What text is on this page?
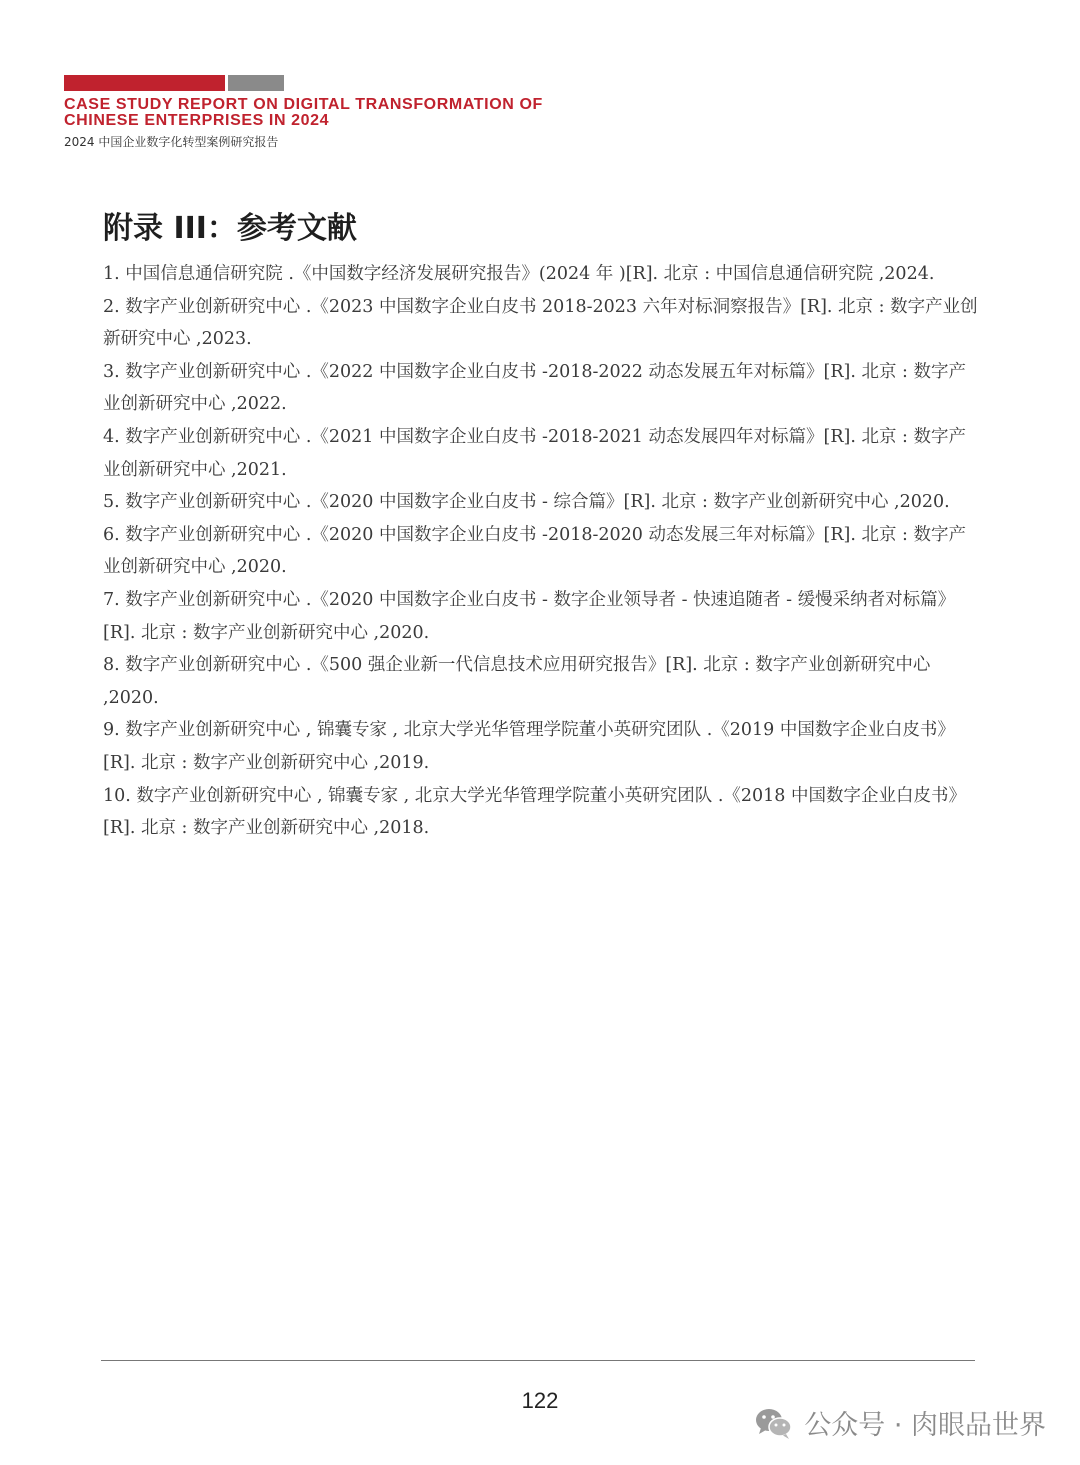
CASE STUDY REPORT ON DIGITAL TRANSFORMATION OF
CHINESE ENTERPRISES IN 2024
2024 中国企业数字化转型案例研究报告
附录 III：参考文献

1. 中国信息通信研究院 .《中国数字经济发展研究报告》(2024 年 )[R]. 北京 : 中国信息通信研究院 ,2024.

2. 数字产业创新研究中心 .《2023 中国数字企业白皮书 2018-2023 六年对标洞察报告》[R]. 北京 : 数字产业创新研究中心 ,2023.

3. 数字产业创新研究中心 .《2022 中国数字企业白皮书 -2018-2022 动态发展五年对标篇》[R]. 北京 : 数字产业创新研究中心 ,2022.

4. 数字产业创新研究中心 .《2021 中国数字企业白皮书 -2018-2021 动态发展四年对标篇》[R]. 北京 : 数字产业创新研究中心 ,2021.

5. 数字产业创新研究中心 .《2020 中国数字企业白皮书 - 综合篇》[R]. 北京 : 数字产业创新研究中心 ,2020.

6. 数字产业创新研究中心 .《2020 中国数字企业白皮书 -2018-2020 动态发展三年对标篇》[R]. 北京 : 数字产业创新研究中心 ,2020.

7. 数字产业创新研究中心 .《2020 中国数字企业白皮书 - 数字企业领导者 - 快速追随者 - 缓慢采纳者对标篇》[R]. 北京 : 数字产业创新研究中心 ,2020.

8. 数字产业创新研究中心 .《500 强企业新一代信息技术应用研究报告》[R]. 北京 : 数字产业创新研究中心 ,2020.

9. 数字产业创新研究中心 , 锦囊专家 , 北京大学光华管理学院董小英研究团队 .《2019 中国数字企业白皮书》[R]. 北京 : 数字产业创新研究中心 ,2019.

10. 数字产业创新研究中心 , 锦囊专家 , 北京大学光华管理学院董小英研究团队 .《2018 中国数字企业白皮书》[R]. 北京 : 数字产业创新研究中心 ,2018.

122
公众号 · 肉眼品世界
